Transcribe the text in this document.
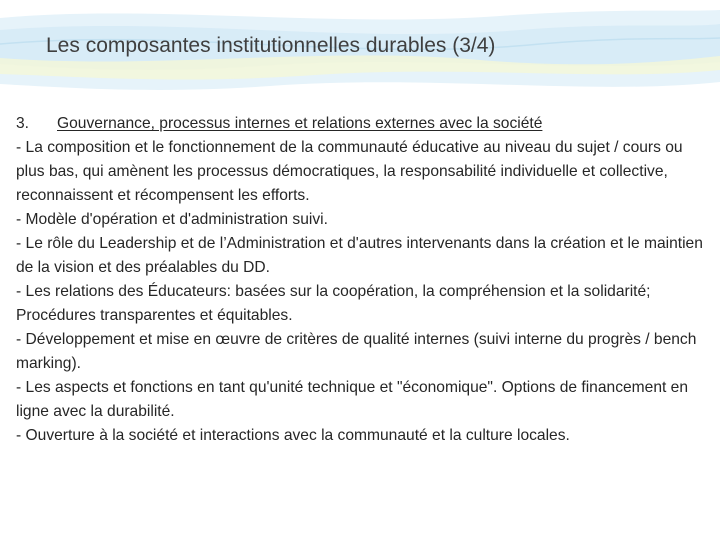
Les composantes institutionnelles durables (3/4)

3. Gouvernance, processus internes et relations externes avec la société

- La composition et le fonctionnement de la communauté éducative au niveau du sujet / cours ou plus bas, qui amènent les processus démocratiques, la responsabilité individuelle et collective, reconnaissent et récompensent les efforts.

- Modèle d'opération et d'administration suivi.

- Le rôle du Leadership et de l’Administration et d'autres intervenants dans la création et le maintien de la vision et des préalables du DD.

- Les relations des Éducateurs: basées sur la coopération, la compréhension et la solidarité; Procédures transparentes et équitables.

- Développement et mise en œuvre de critères de qualité internes (suivi interne du progrès / bench marking).

- Les aspects et fonctions en tant qu'unité technique et "économique". Options de financement en ligne avec la durabilité.

- Ouverture à la société et interactions avec la communauté et la culture locales.
